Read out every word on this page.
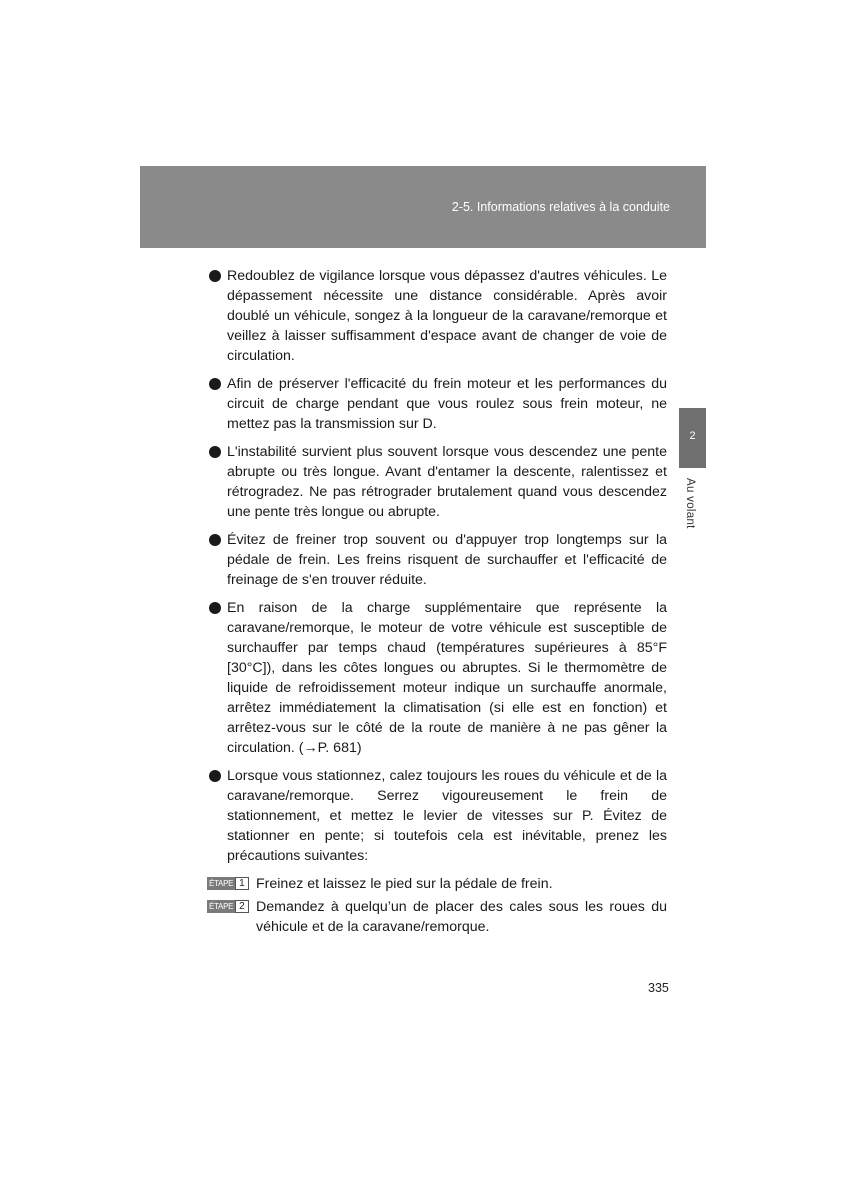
2-5. Informations relatives à la conduite
2
Au volant
Redoublez de vigilance lorsque vous dépassez d'autres véhicules. Le dépassement nécessite une distance considérable. Après avoir doublé un véhicule, songez à la longueur de la caravane/remorque et veillez à laisser suffisamment d'espace avant de changer de voie de circulation.
Afin de préserver l'efficacité du frein moteur et les performances du circuit de charge pendant que vous roulez sous frein moteur, ne mettez pas la transmission sur D.
L'instabilité survient plus souvent lorsque vous descendez une pente abrupte ou très longue. Avant d'entamer la descente, ralentissez et rétrogradez. Ne pas rétrograder brutalement quand vous descendez une pente très longue ou abrupte.
Évitez de freiner trop souvent ou d'appuyer trop longtemps sur la pédale de frein. Les freins risquent de surchauffer et l'efficacité de freinage de s'en trouver réduite.
En raison de la charge supplémentaire que représente la caravane/remorque, le moteur de votre véhicule est susceptible de surchauffer par temps chaud (températures supérieures à 85°F [30°C]), dans les côtes longues ou abruptes. Si le thermomètre de liquide de refroidissement moteur indique un surchauffe anormale, arrêtez immédiatement la climatisation (si elle est en fonction) et arrêtez-vous sur le côté de la route de manière à ne pas gêner la circulation. (→P. 681)
Lorsque vous stationnez, calez toujours les roues du véhicule et de la caravane/remorque. Serrez vigoureusement le frein de stationnement, et mettez le levier de vitesses sur P. Évitez de stationner en pente; si toutefois cela est inévitable, prenez les précautions suivantes:
ÉTAPE 1 Freinez et laissez le pied sur la pédale de frein.
ÉTAPE 2 Demandez à quelqu’un de placer des cales sous les roues du véhicule et de la caravane/remorque.
335
